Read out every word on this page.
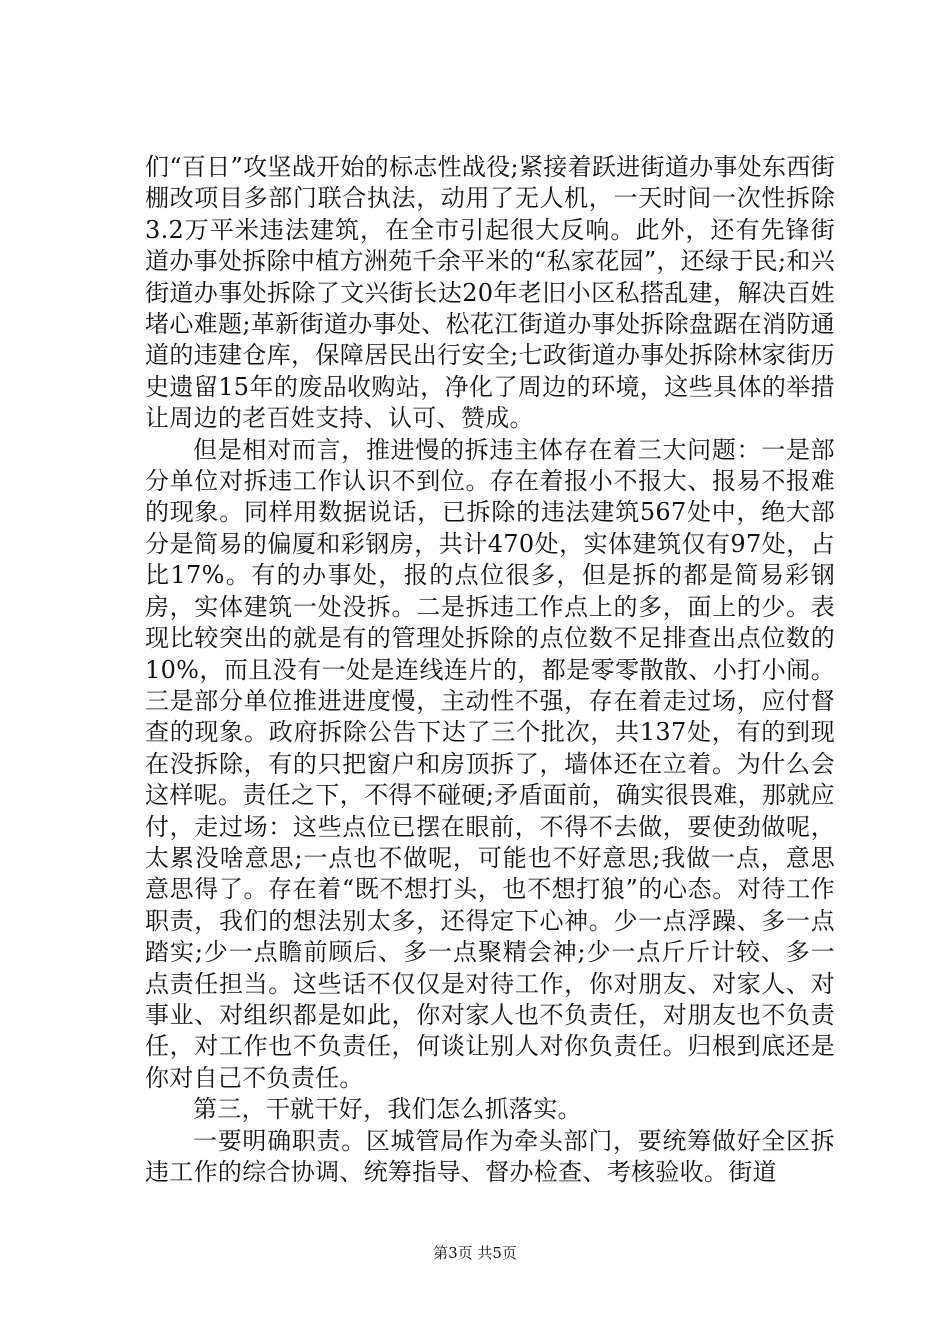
们“百日”攻坚战开始的标志性战役;紧接着跃进街道办事处东西街棚改项目多部门联合执法，动用了无人机，一天时间一次性拆除3.2万平米违法建筑，在全市引起很大反响。此外，还有先锋街道办事处拆除中植方洲苑千余平米的“私家花园”，还绿于民;和兴街道办事处拆除了文兴街长达20年老旧小区私搭乱建，解决百姓堵心难题;革新街道办事处、松花江街道办事处拆除盘踞在消防通道的违建仓库，保障居民出行安全;七政街道办事处拆除林家街历史遗留15年的废品收购站，净化了周边的环境，这些具体的举措让周边的老百姓支持、认可、赞成。

但是相对而言，推进慢的拆违主体存在着三大问题：一是部分单位对拆违工作认识不到位。存在着报小不报大、报易不报难的现象。同样用数据说话，已拆除的违法建筑567处中，绝大部分是简易的偏厦和彩钢房，共计470处，实体建筑仅有97处，占比17%。有的办事处，报的点位很多，但是拆的都是简易彩钢房，实体建筑一处没拆。二是拆违工作点上的多，面上的少。表现比较突出的就是有的管理处拆除的点位数不足排查出点位数的10%，而且没有一处是连线连片的，都是零零散散、小打小闹。三是部分单位推进进度慢，主动性不强，存在着走过场，应付督查的现象。政府拆除公告下达了三个批次，共137处，有的到现在没拆除，有的只把窗户和房顶拆了，墙体还在立着。为什么会这样呢。责任之下，不得不碰硬;矛盾面前，确实很畏难，那就应付，走过场：这些点位已摆在眼前，不得不去做，要使劲做呢，太累没啥意思;一点也不做呢，可能也不好意思;我做一点，意思意思得了。存在着“既不想打头，也不想打狼”的心态。对待工作职责，我们的想法别太多，还得定下心神。少一点浮躁、多一点踏实;少一点瞻前顾后、多一点聚精会神;少一点斤斤计较、多一点责任担当。这些话不仅仅是对待工作，你对朋友、对家人、对事业、对组织都是如此，你对家人也不负责任，对朋友也不负责任，对工作也不负责任，何谈让别人对你负责任。归根到底还是你对自己不负责任。

第三，干就干好，我们怎么抓落实。

一要明确职责。区城管局作为牵头部门，要统筹做好全区拆违工作的综合协调、统筹指导、督办检查、考核验收。街道

第3页 共5页
